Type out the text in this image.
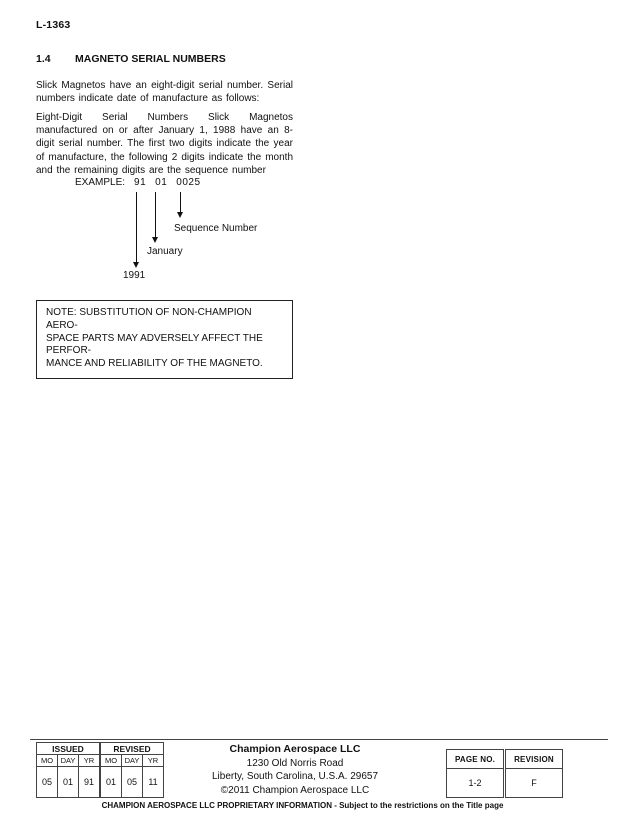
L-1363
1.4 MAGNETO SERIAL NUMBERS

Slick Magnetos have an eight-digit serial number. Serial numbers indicate date of manufacture as follows:

Eight-Digit Serial Numbers Slick Magnetos manufactured on or after January 1, 1988 have an 8-digit serial number. The first two digits indicate the year of manufacture, the following 2 digits indicate the month and the remaining digits are the sequence number

EXAMPLE: 91 01 0025
Sequence Number
January
1991
NOTE: SUBSTITUTION OF NON-CHAMPION AERO-
SPACE PARTS MAY ADVERSELY AFFECT THE PERFOR-
MANCE AND RELIABILITY OF THE MAGNETO.
ISSUED		
MO	DAY	YR
05	01	91
REVISED		
MO	DAY	YR
01	05	11
Champion Aerospace LLC
1230 Old Norris Road
Liberty, South Carolina, U.S.A. 29657
©2011 Champion Aerospace LLC
PAGE NO.
1-2
REVISION
F
CHAMPION AEROSPACE LLC PROPRIETARY INFORMATION - Subject to the restrictions on the Title page
